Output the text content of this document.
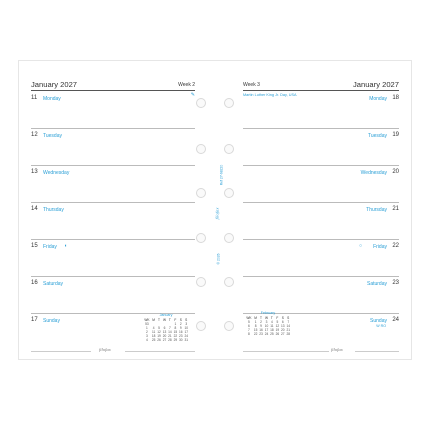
January 2027	Week 2
✎
11 Monday
12 Tuesday
13 Wednesday
14 Thursday
15 Friday ◖
16 Saturday
17 Sunday
January
WK	M	T	W	T	F	S	S
53					1	2	3
1	4	5	6	7	8	9	10
2	11	12	13	14	15	16	17
3	18	19	20	21	22	23	24
4	25	26	27	28	29	30	31
filofax
Ref 27-68220
filofax
© 2026
Week 3	January 2027
Martin Luther King Jr. Day, USA	18
Monday
19
Tuesday
20
Wednesday
21
Thursday
22
Friday
○
23
Saturday
24
Sunday
W RO
February
WK	M	T	W	T	F	S	S
5	1	2	3	4	5	6	7
6	8	9	10	11	12	13	14
7	15	16	17	18	19	20	21
8	22	23	24	25	26	27	28
filofax
